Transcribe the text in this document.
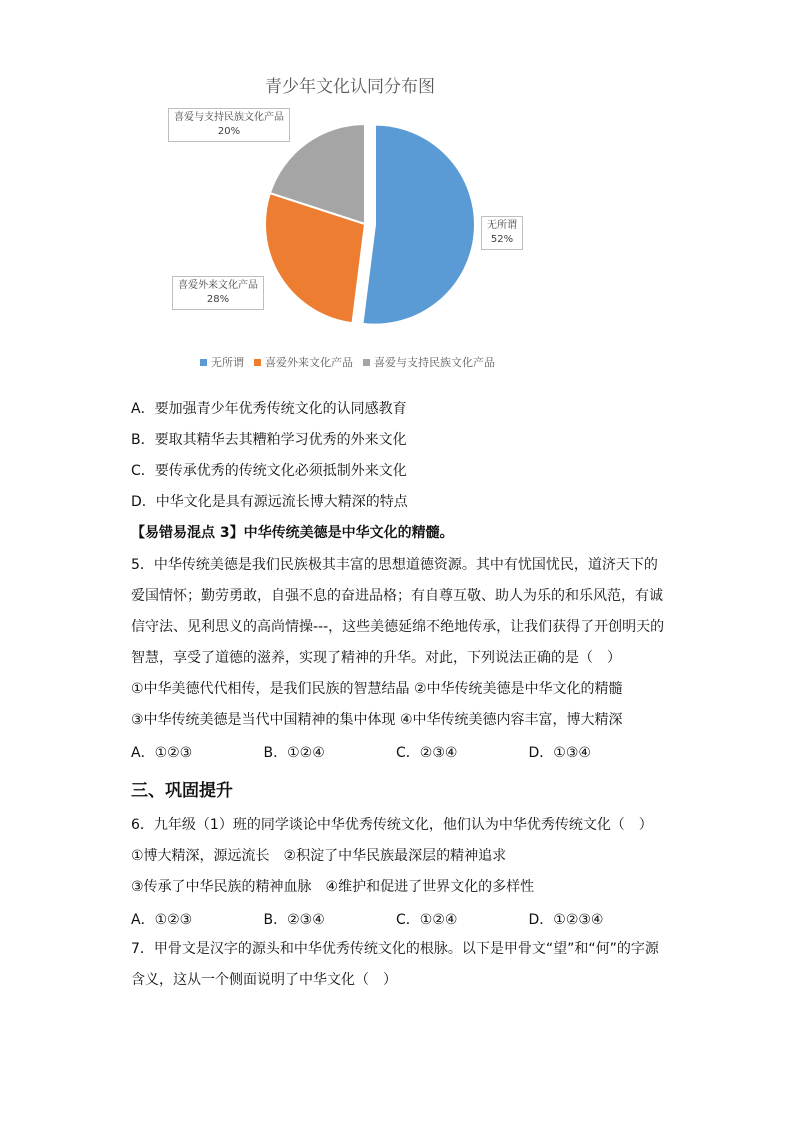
青少年文化认同分布图
无所谓
52%
喜爱外来文化产品
28%
喜爱与支持民族文化产品
20%
无所谓 喜爱外来文化产品 喜爱与支持民族文化产品
A．要加强青少年优秀传统文化的认同感教育
B．要取其精华去其糟粕学习优秀的外来文化
C．要传承优秀的传统文化必须抵制外来文化
D．中华文化是具有源远流长博大精深的特点
【易错易混点 3】中华传统美德是中华文化的精髓。
5．中华传统美德是我们民族极其丰富的思想道德资源。其中有忧国忧民，道济天下的
爱国情怀；勤劳勇敢，自强不息的奋进品格；有自尊互敬、助人为乐的和乐风范，有诚
信守法、见利思义的高尚情操---，这些美德延绵不绝地传承，让我们获得了开创明天的
智慧，享受了道德的滋养，实现了精神的升华。对此，下列说法正确的是（　）
①中华美德代代相传，是我们民族的智慧结晶 ②中华传统美德是中华文化的精髓
③中华传统美德是当代中国精神的集中体现 ④中华传统美德内容丰富，博大精深
A．①②③	B．①②④	C．②③④	D．①③④
三、巩固提升
6．九年级（1）班的同学谈论中华优秀传统文化，他们认为中华优秀传统文化（　）
①博大精深，源远流长　②积淀了中华民族最深层的精神追求
③传承了中华民族的精神血脉　④维护和促进了世界文化的多样性
A．①②③	B．②③④	C．①②④	D．①②③④
7．甲骨文是汉字的源头和中华优秀传统文化的根脉。以下是甲骨文“望”和“何”的字源
含义，这从一个侧面说明了中华文化（　）
